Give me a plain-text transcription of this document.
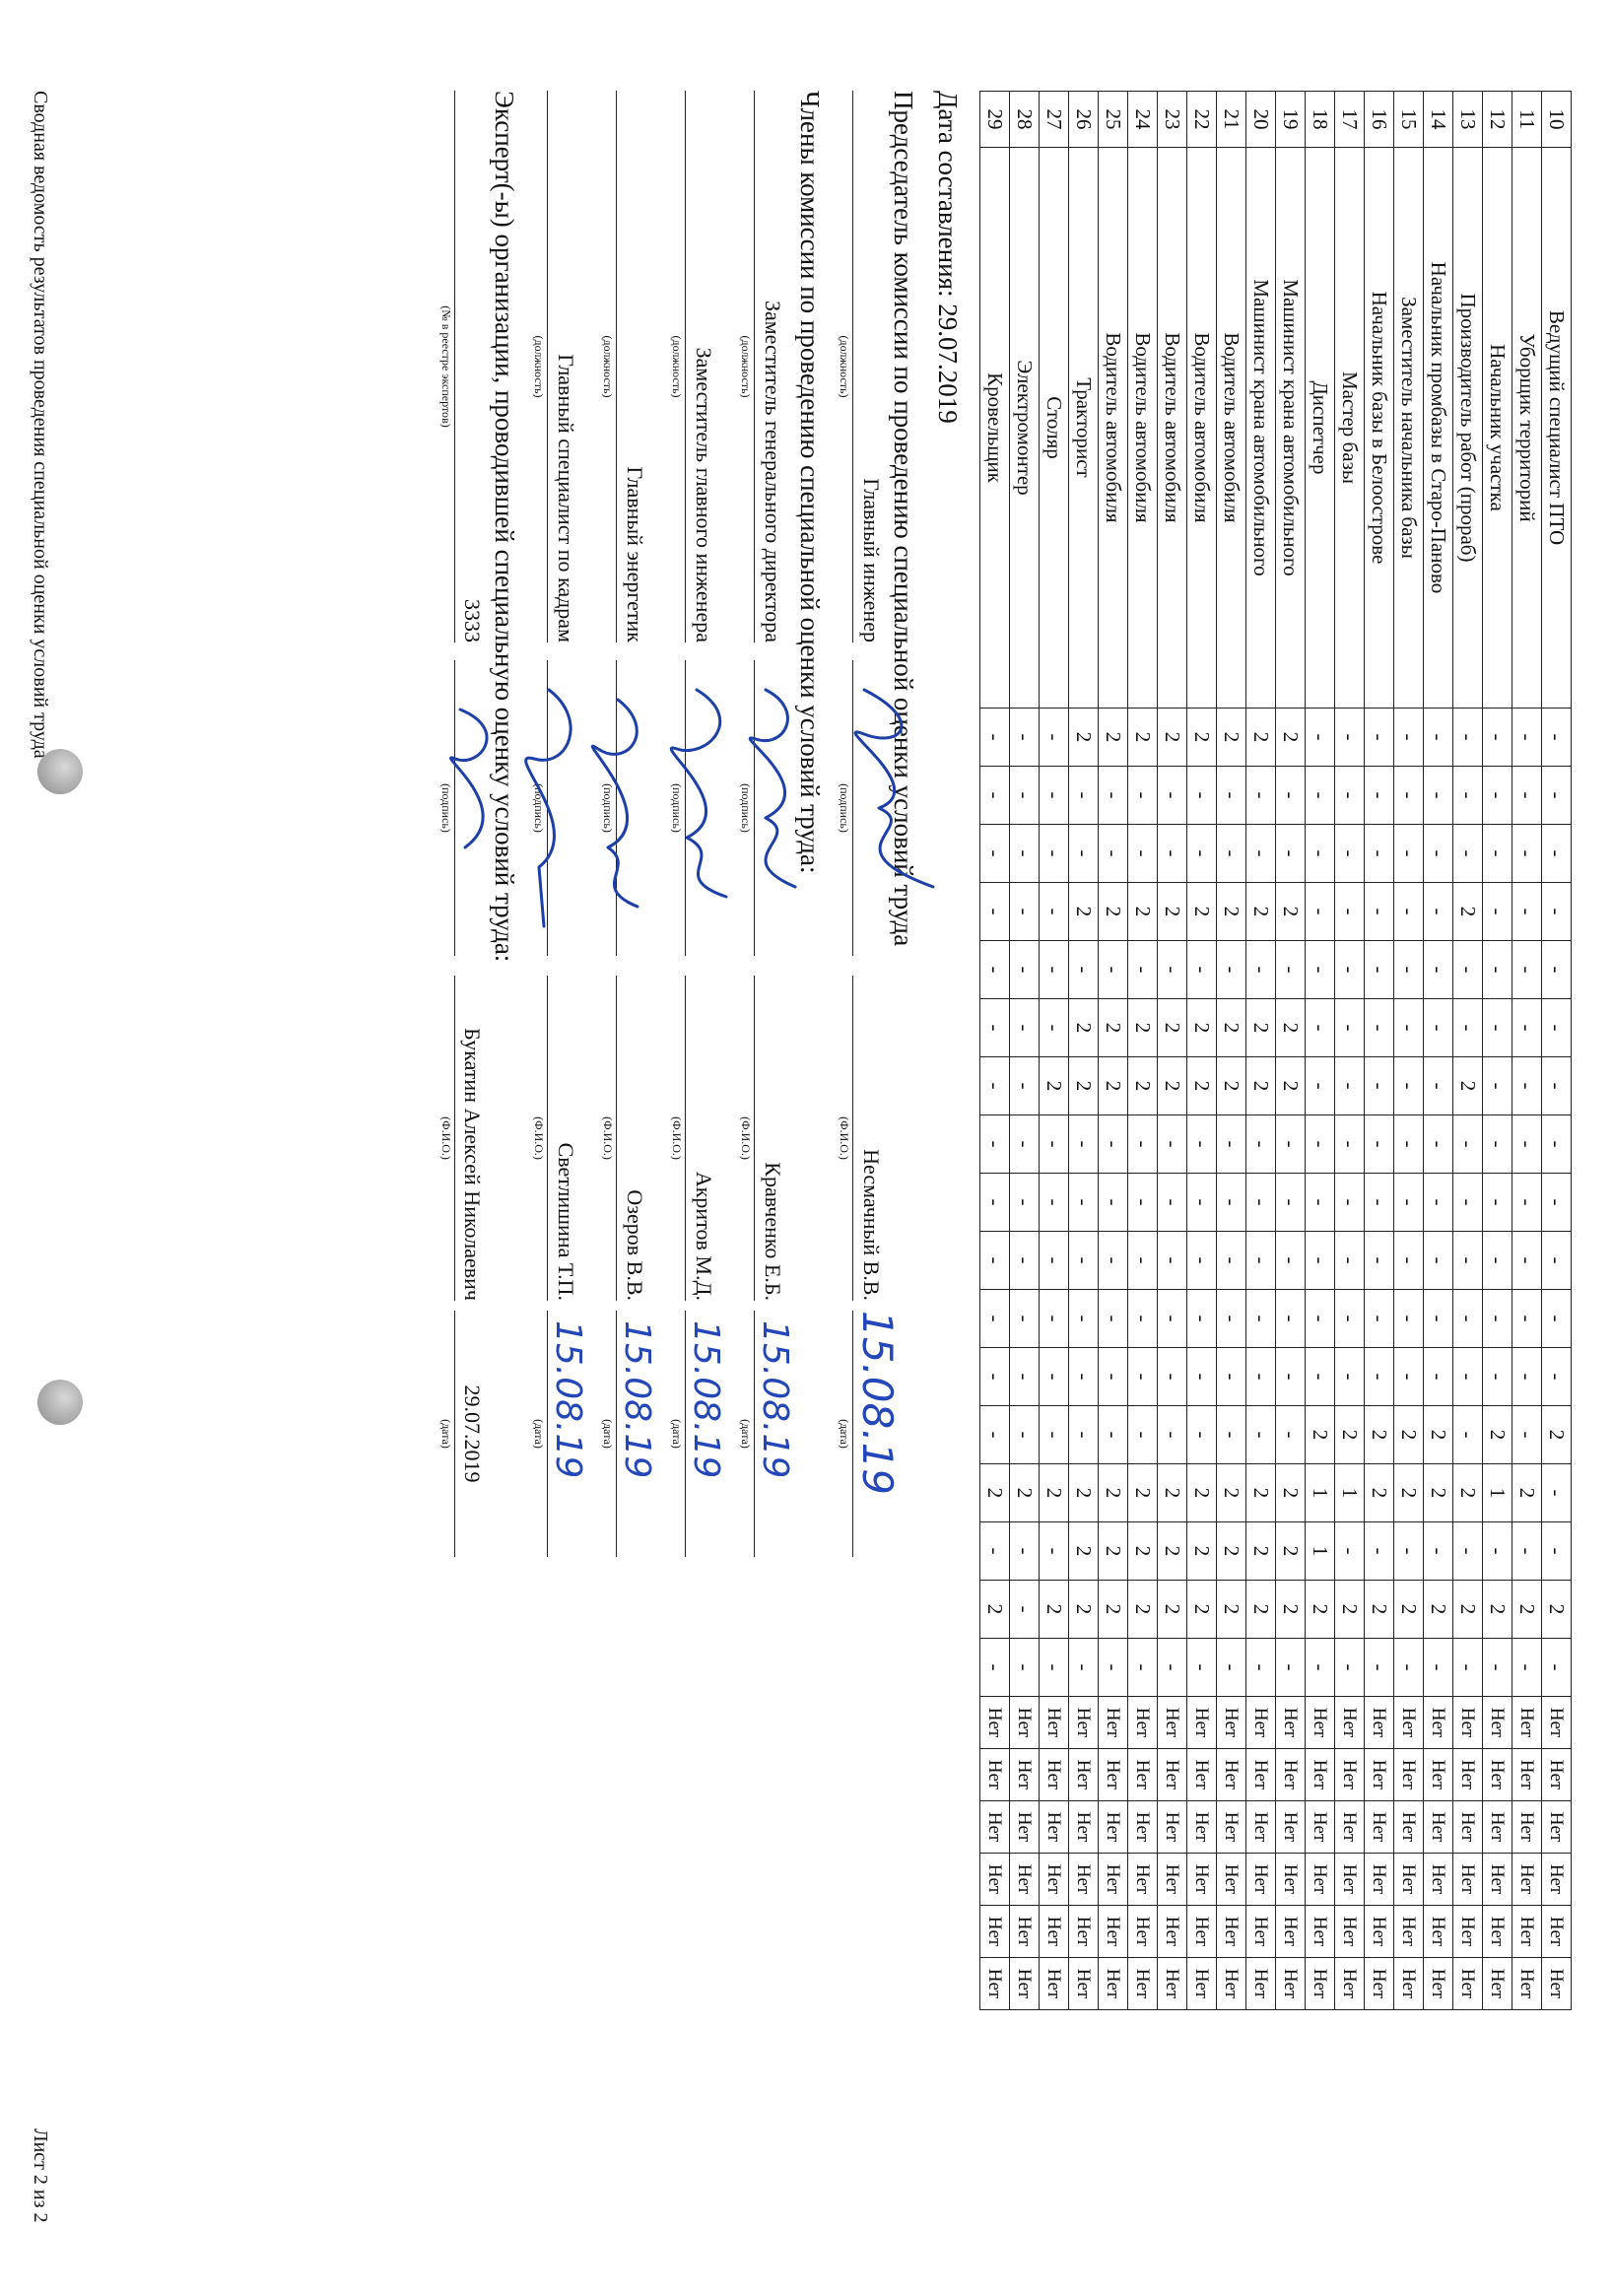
10	Ведущий специалист ПТО	-	-	-	-	-	-	-	-	-	-	-	-	2	-	-	2	-	Нет	Нет	Нет	Нет	Нет	Нет
11	Уборщик территорий	-	-	-	-	-	-	-	-	-	-	-	-	-	2	-	2	-	Нет	Нет	Нет	Нет	Нет	Нет
12	Начальник участка	-	-	-	-	-	-	-	-	-	-	-	-	2	1	-	2	-	Нет	Нет	Нет	Нет	Нет	Нет
13	Производитель работ (прораб)	-	-	-	2	-	-	2	-	-	-	-	-	-	2	-	2	-	Нет	Нет	Нет	Нет	Нет	Нет
14	Начальник промбазы в Старо-Паново	-	-	-	-	-	-	-	-	-	-	-	-	2	2	-	2	-	Нет	Нет	Нет	Нет	Нет	Нет
15	Заместитель начальника базы	-	-	-	-	-	-	-	-	-	-	-	-	2	2	-	2	-	Нет	Нет	Нет	Нет	Нет	Нет
16	Начальник базы в Белоострове	-	-	-	-	-	-	-	-	-	-	-	-	2	2	-	2	-	Нет	Нет	Нет	Нет	Нет	Нет
17	Мастер базы	-	-	-	-	-	-	-	-	-	-	-	-	2	1	-	2	-	Нет	Нет	Нет	Нет	Нет	Нет
18	Диспетчер	-	-	-	-	-	-	-	-	-	-	-	-	2	1	1	2	-	Нет	Нет	Нет	Нет	Нет	Нет
19	Машинист крана автомобильного	2	-	-	2	-	2	2	-	-	-	-	-	-	2	2	2	-	Нет	Нет	Нет	Нет	Нет	Нет
20	Машинист крана автомобильного	2	-	-	2	-	2	2	-	-	-	-	-	-	2	2	2	-	Нет	Нет	Нет	Нет	Нет	Нет
21	Водитель автомобиля	2	-	-	2	-	2	2	-	-	-	-	-	-	2	2	2	-	Нет	Нет	Нет	Нет	Нет	Нет
22	Водитель автомобиля	2	-	-	2	-	2	2	-	-	-	-	-	-	2	2	2	-	Нет	Нет	Нет	Нет	Нет	Нет
23	Водитель автомобиля	2	-	-	2	-	2	2	-	-	-	-	-	-	2	2	2	-	Нет	Нет	Нет	Нет	Нет	Нет
24	Водитель автомобиля	2	-	-	2	-	2	2	-	-	-	-	-	-	2	2	2	-	Нет	Нет	Нет	Нет	Нет	Нет
25	Водитель автомобиля	2	-	-	2	-	2	2	-	-	-	-	-	-	2	2	2	-	Нет	Нет	Нет	Нет	Нет	Нет
26	Тракторист	2	-	-	2	-	2	2	-	-	-	-	-	-	2	2	2	-	Нет	Нет	Нет	Нет	Нет	Нет
27	Столяр	-	-	-	-	-	-	2	-	-	-	-	-	-	2	-	2	-	Нет	Нет	Нет	Нет	Нет	Нет
28	Электромонтер	-	-	-	-	-	-	-	-	-	-	-	-	-	2	-	-	-	Нет	Нет	Нет	Нет	Нет	Нет
29	Кровельщик	-	-	-	-	-	-	-	-	-	-	-	-	-	2	-	2	-	Нет	Нет	Нет	Нет	Нет	Нет
Дата составления: 29.07.2019
Председатель комиссии по проведению специальной оценки условий труда
Главный инженер
(должность)
(подпись)
Несмачный В.В.
(Ф.И.О.)
15.08.19
(дата)
Члены комиссии по проведению специальной оценки условий труда:
Заместитель генерального директора
(должность)
(подпись)
Кравченко Е.Б.
(Ф.И.О.)
15.08.19
(дата)
Заместитель главного инженера
(должность)
(подпись)
Акритов М.Д.
(Ф.И.О.)
15.08.19
(дата)
Главный энергетик
(должность)
(подпись)
Озеров В.В.
(Ф.И.О.)
15.08.19
(дата)
Главный специалист по кадрам
(должность)
(подпись)
Светлишина Т.П.
(Ф.И.О.)
15.08.19
(дата)
Эксперт(-ы) организации, проводившей специальную оценку условий труда:
3333
(№ в реестре экспертов)
(подпись)
Букатин Алексей Николаевич
(Ф.И.О.)
29.07.2019
(дата)
Сводная ведомость результатов проведения специальной оценки условий труда
Лист 2 из 2
